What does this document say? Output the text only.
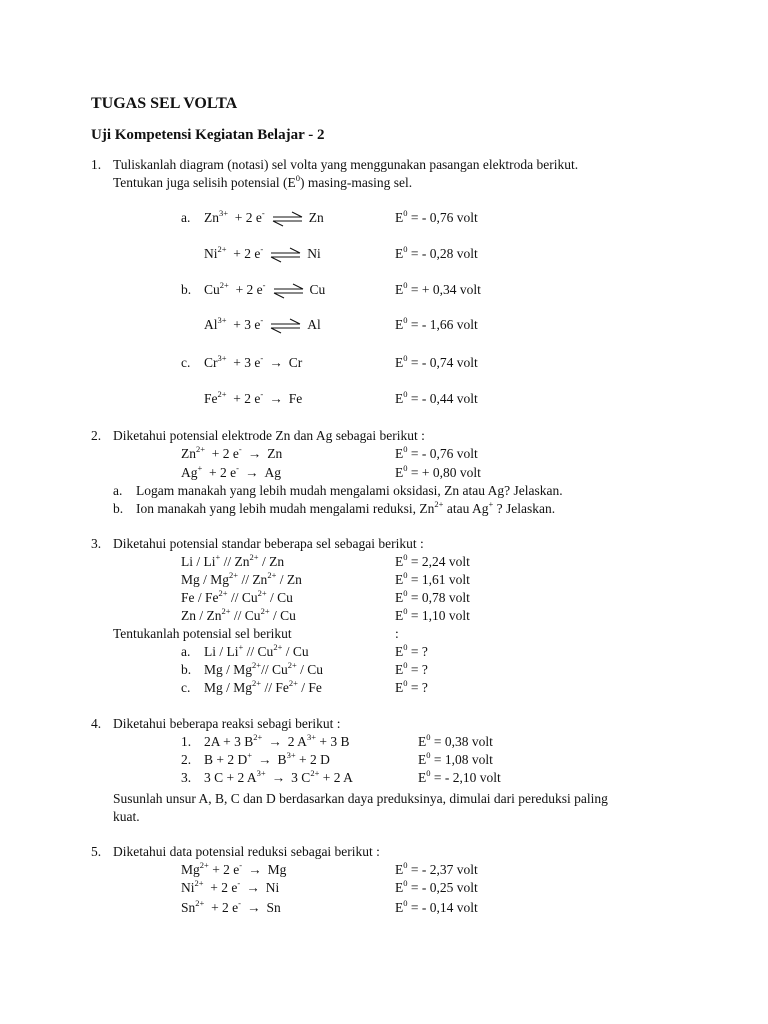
TUGAS SEL VOLTA
Uji Kompetensi Kegiatan Belajar - 2
1. Tuliskanlah diagram (notasi) sel volta yang menggunakan pasangan elektroda berikut.
Tentukan juga selisih potensial $(E^0)$ masing-masing sel.
a. $Zn^{3+} + 2$ e- ⇌ Zn	$E^0$ = - 0,76 volt
$Ni^{2+} + 2$ e- ⇌ Ni	$E^0$ = - 0,28 volt
b. $Cu^{2+} + 2$ e- ⇌ Cu	$E^0$ = + 0,34 volt
$Al^{3+} + 3$ e- ⇌ Al	$E^0$ = - 1,66 volt
c. $Cr^{3+} + 3$ e- → Cr	$E^0$ = - 0,74 volt
$Fe^{2+} + 2$ e- → Fe	$E^0$ = - 0,44 volt
2. Diketahui potensial elektrode Zn dan Ag sebagai berikut :
$Zn^{2+} + 2$ e- → Zn	$E^0$ = - 0,76 volt
Ag+ + 2 e- → Ag	$E^0$ = + 0,80 volt
a. Logam manakah yang lebih mudah mengalami oksidasi, Zn atau Ag? Jelaskan.
b. Ion manakah yang lebih mudah mengalami reduksi, $Zn^{2+}$ atau Ag+ ? Jelaskan.
3. Diketahui potensial standar beberapa sel sebagai berikut :
Li / $Li^+ // Zn^{2+}$ / Zn	$E^0 = 2,24$ volt
Mg / $Mg^{2+} // Zn^{2+}$ / Zn	$E^0 = 1,61$ volt
Fe / $Fe^{2+} // Cu^{2+}$ / Cu	$E^0 = 0,78$ volt
Zn / $Zn^{2+} // Cu^{2+}$ / Cu	$E^0 = 1,10$ volt
Tentukanlah potensial sel berikut	:
a. Li / $Li^+ // Cu^{2+}$ / Cu	$E^0$ = ?
b. Mg / $Mg^{2+}//$ $Cu^{2+}$ / Cu	$E^0$ = ?
c. Mg / $Mg^{2+} // Fe^{2+}$ / Fe	$E^0$ = ?
4. Diketahui beberapa reaksi sebagi berikut :
1. 2A + 3 $B^{2+} \to 2$ $A^{3+} + 3$ B	$E^0 = 0,38$ volt
2. B + 2 $D^+ \to B^{3+} + 2$ D	$E^0 = 1,08$ volt
3. 3 C + 2 $A^{3+} \to 3$ $C^{2+} + 2$ A	$E^0$ = - 2,10 volt
Susunlah unsur A, B, C dan D berdasarkan daya preduksinya, dimulai dari pereduksi paling
kuat.
5. Diketahui data potensial reduksi sebagai berikut :
$Mg^{2+} + 2$ e- → Mg	$E^0$ = - 2,37 volt
$Ni^{2+} + 2$ e- → Ni	$E^0$ = - 0,25 volt
$Sn^{2+} + 2$ e- → Sn	$E^0$ = - 0,14 volt
